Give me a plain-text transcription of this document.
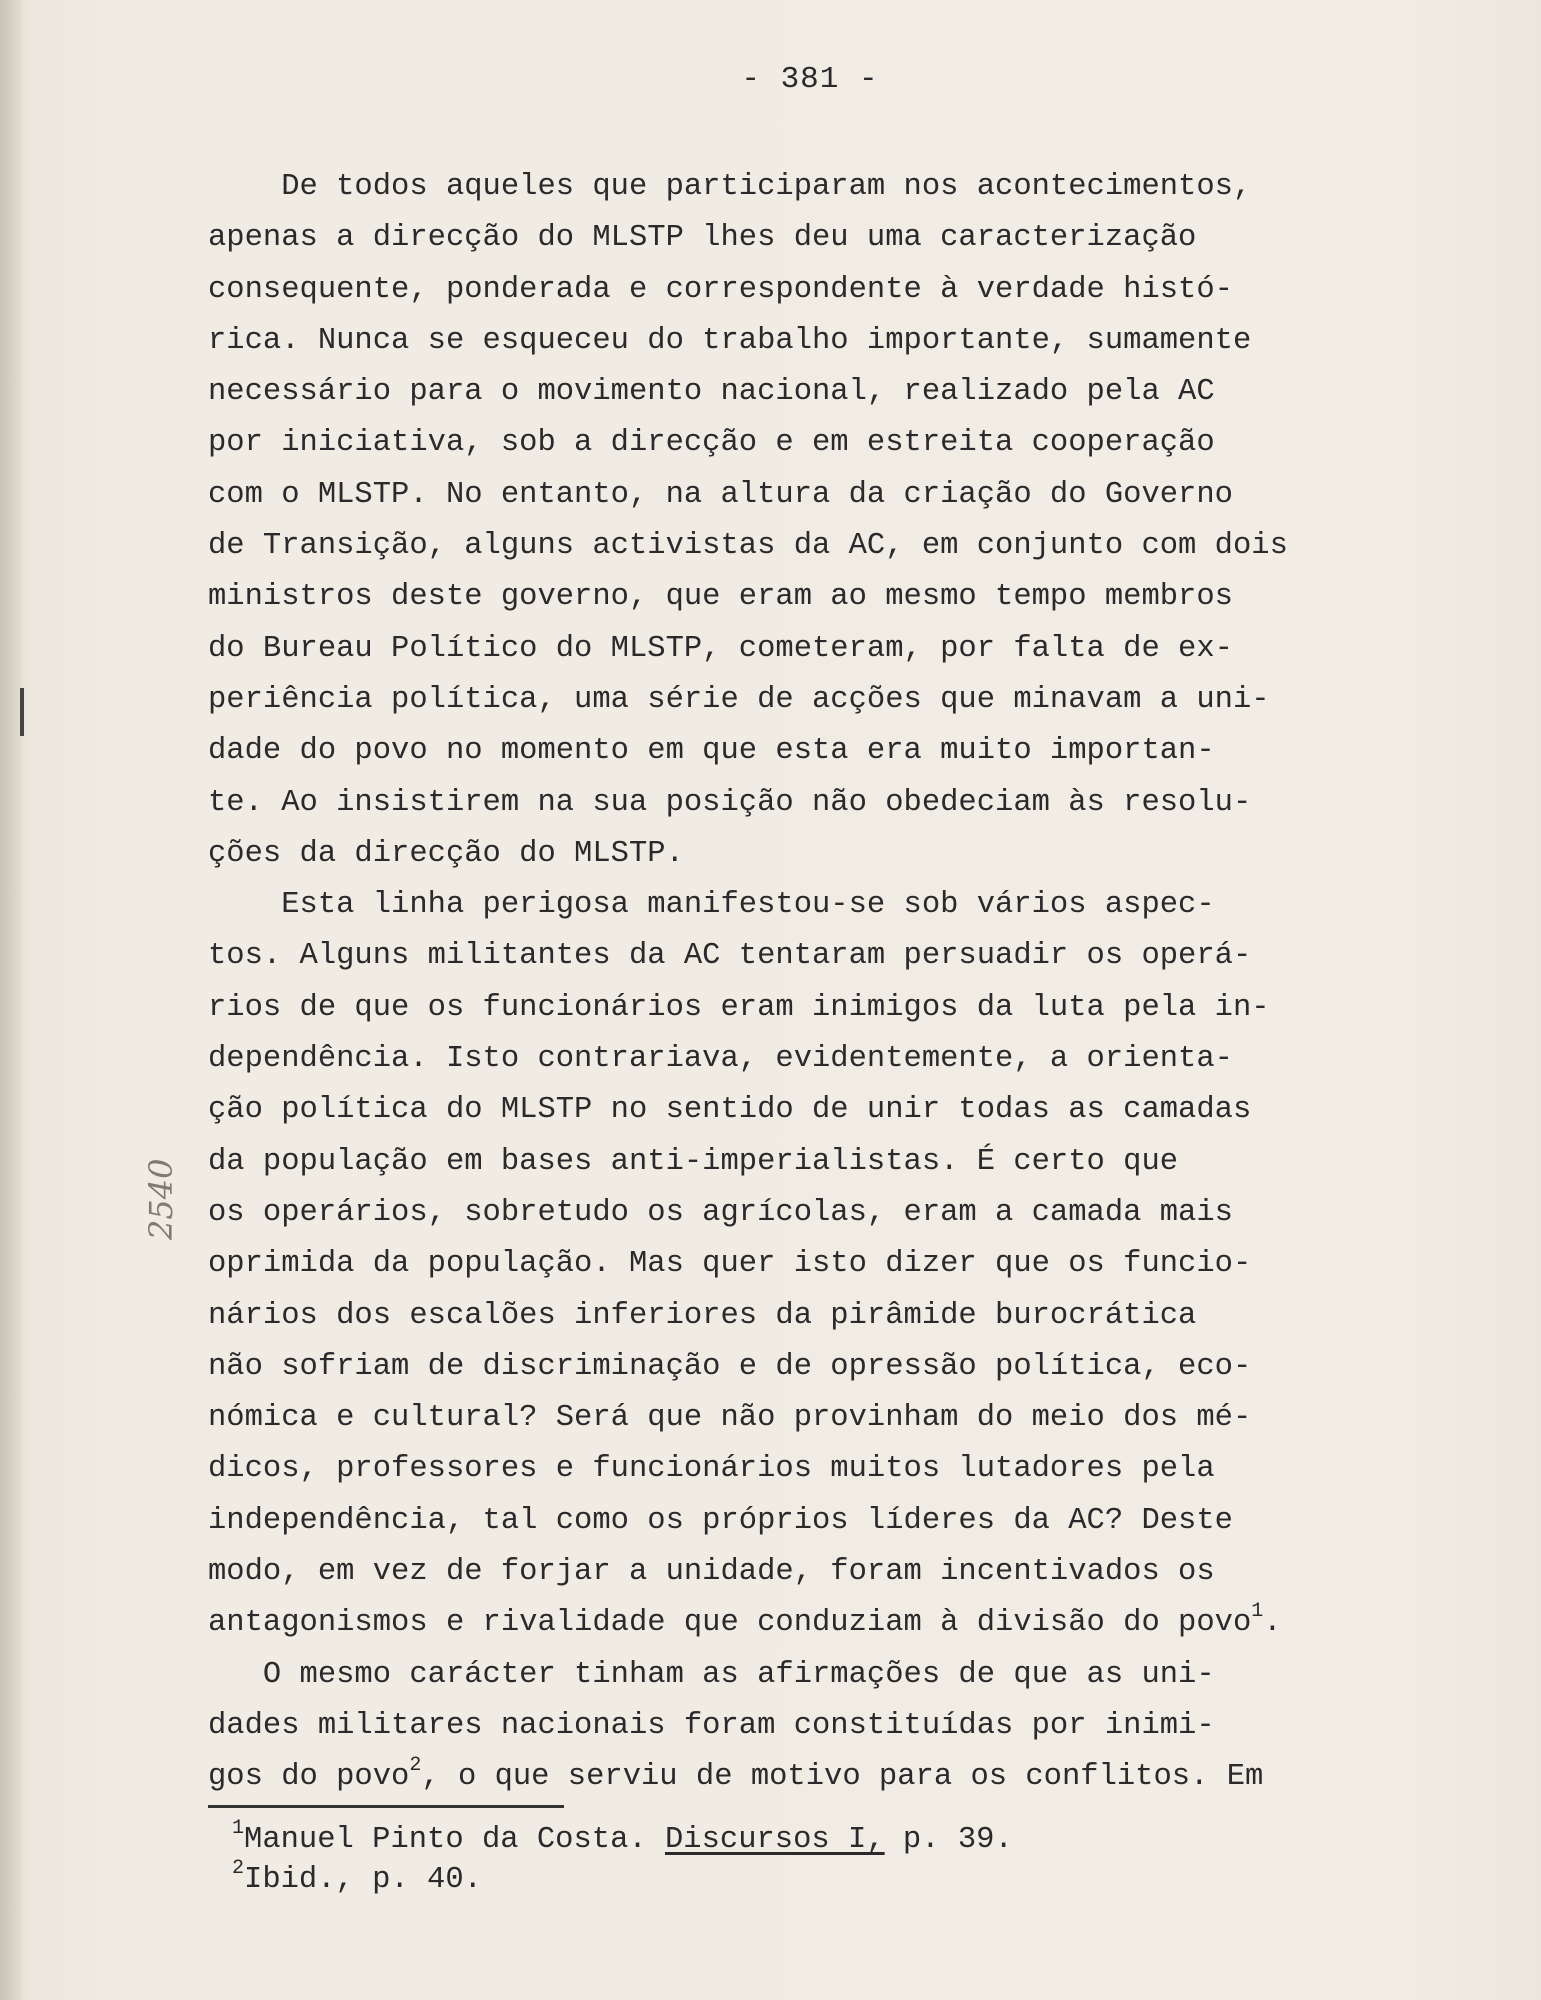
- 381 -
2540
De todos aqueles que participaram nos acontecimentos,
apenas a direcção do MLSTP lhes deu uma caracterização
consequente, ponderada e correspondente à verdade histó-
rica. Nunca se esqueceu do trabalho importante, sumamente
necessário para o movimento nacional, realizado pela AC
por iniciativa, sob a direcção e em estreita cooperação
com o MLSTP. No entanto, na altura da criação do Governo
de Transição, alguns activistas da AC, em conjunto com dois
ministros deste governo, que eram ao mesmo tempo membros
do Bureau Político do MLSTP, cometeram, por falta de ex-
periência política, uma série de acções que minavam a uni-
dade do povo no momento em que esta era muito importan-
te. Ao insistirem na sua posição não obedeciam às resolu-
ções da direcção do MLSTP.
Esta linha perigosa manifestou-se sob vários aspec-
tos. Alguns militantes da AC tentaram persuadir os operá-
rios de que os funcionários eram inimigos da luta pela in-
dependência. Isto contrariava, evidentemente, a orienta-
ção política do MLSTP no sentido de unir todas as camadas
da população em bases anti-imperialistas. É certo que
os operários, sobretudo os agrícolas, eram a camada mais
oprimida da população. Mas quer isto dizer que os funcio-
nários dos escalões inferiores da pirâmide burocrática
não sofriam de discriminação e de opressão política, eco-
nómica e cultural? Será que não provinham do meio dos mé-
dicos, professores e funcionários muitos lutadores pela
independência, tal como os próprios líderes da AC? Deste
modo, em vez de forjar a unidade, foram incentivados os
antagonismos e rivalidade que conduziam à divisão do povo$^1$.
O mesmo carácter tinham as afirmações de que as uni-
dades militares nacionais foram constituídas por inimi-
gos do povo$^2$, o que serviu de motivo para os conflitos. Em
$^1$Manuel Pinto da Costa. Discursos I, p. 39.
$^2$Ibid., p. 40.
